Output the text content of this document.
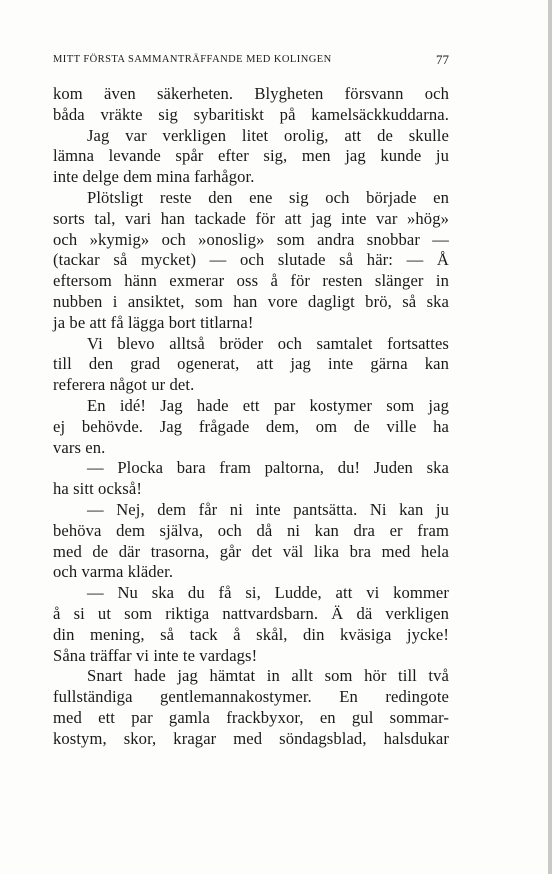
MITT FÖRSTA SAMMANTRÄFFANDE MED KOLINGEN	77
kom även säkerheten. Blygheten försvann och
båda vräkte sig sybaritiskt på kamelsäckkuddarna.
Jag var verkligen litet orolig, att de skulle
lämna levande spår efter sig, men jag kunde ju
inte delge dem mina farhågor.
Plötsligt reste den ene sig och började en
sorts tal, vari han tackade för att jag inte var »hög»
och »kymig» och »onoslig» som andra snobbar —
(tackar så mycket) — och slutade så här: — Å
eftersom hänn exmerar oss å för resten slänger in
nubben i ansiktet, som han vore dagligt brö, så ska
ja be att få lägga bort titlarna!
Vi blevo alltså bröder och samtalet fortsattes
till den grad ogenerat, att jag inte gärna kan
referera något ur det.
En idé! Jag hade ett par kostymer som jag
ej behövde. Jag frågade dem, om de ville ha
vars en.
— Plocka bara fram paltorna, du! Juden ska
ha sitt också!
— Nej, dem får ni inte pantsätta. Ni kan ju
behöva dem själva, och då ni kan dra er fram
med de där trasorna, går det väl lika bra med hela
och varma kläder.
— Nu ska du få si, Ludde, att vi kommer
å si ut som riktiga nattvardsbarn. Ä dä verkligen
din mening, så tack å skål, din kväsiga jycke!
Såna träffar vi inte te vardags!
Snart hade jag hämtat in allt som hör till två
fullständiga gentlemannakostymer. En redingote
med ett par gamla frackbyxor, en gul sommar-
kostym, skor, kragar med söndagsblad, halsdukar
